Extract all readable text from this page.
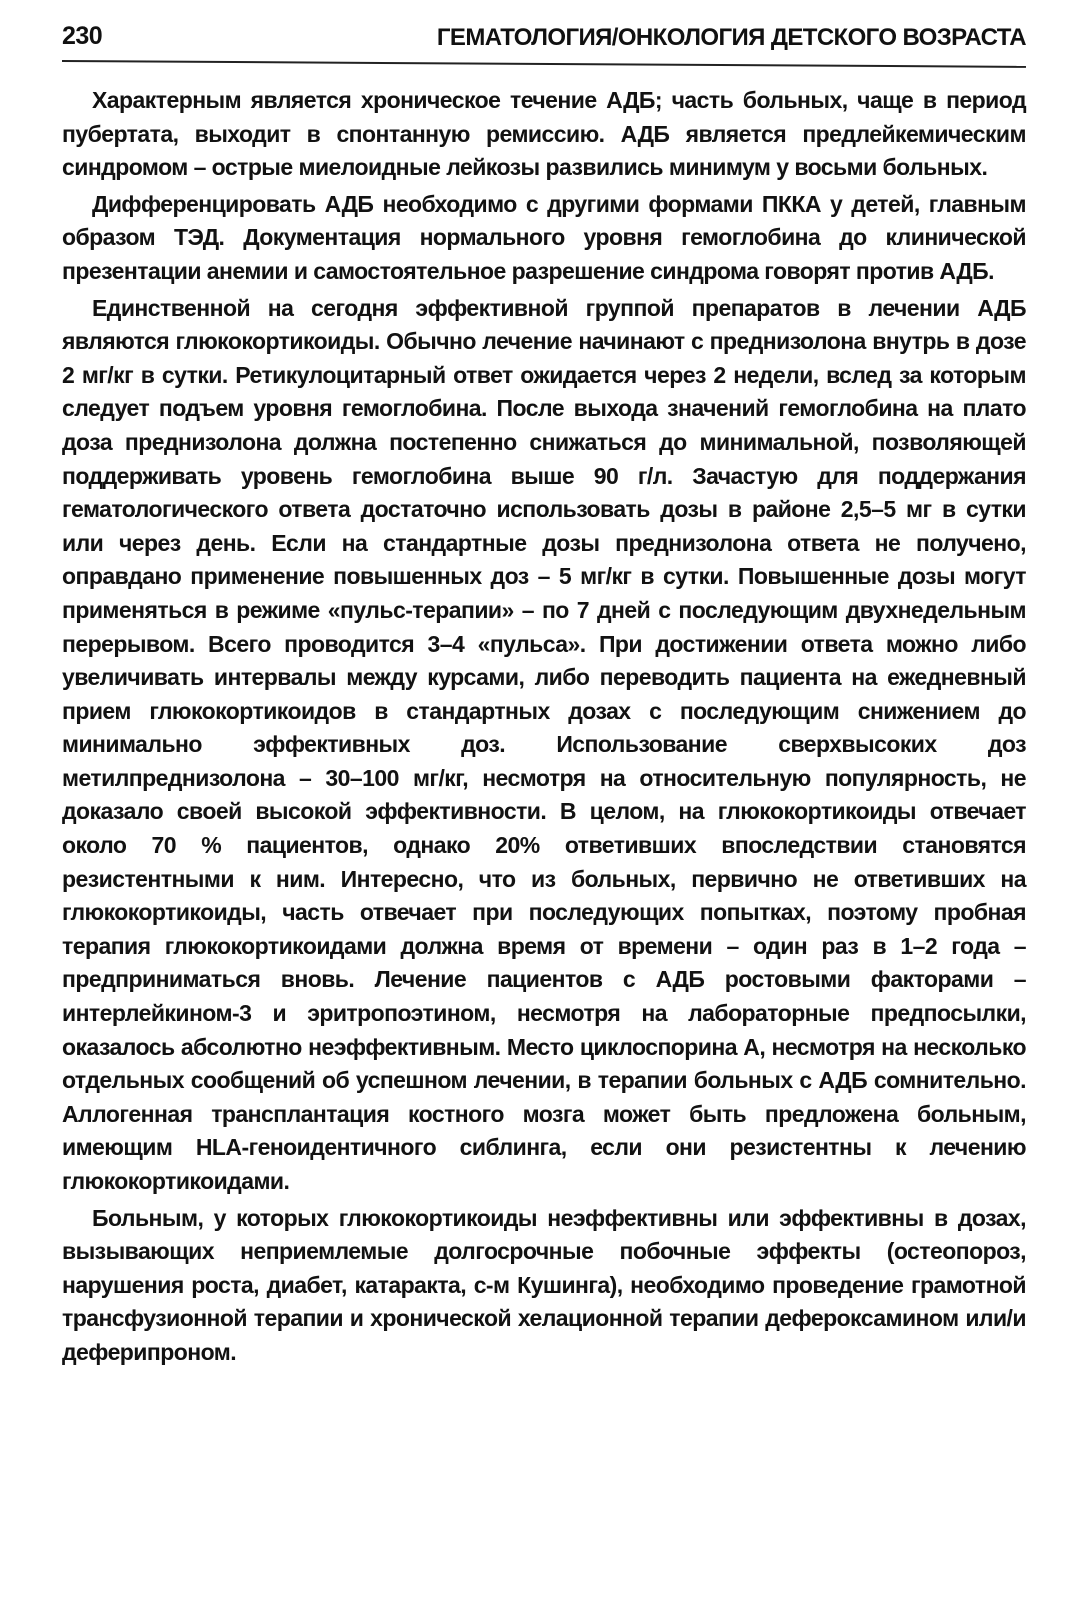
230	ГЕМАТОЛОГИЯ/ОНКОЛОГИЯ ДЕТСКОГО ВОЗРАСТА

Характерным является хроническое течение АДБ; часть больных, чаще в период пубертата, выходит в спонтанную ремиссию. АДБ является предлейкемическим синдромом – острые миелоидные лейкозы развились минимум у восьми больных.

Дифференцировать АДБ необходимо с другими формами ПККА у детей, главным образом ТЭД. Документация нормального уровня гемоглобина до клинической презентации анемии и самостоятельное разрешение синдрома говорят против АДБ.

Единственной на сегодня эффективной группой препаратов в лечении АДБ являются глюкокортикоиды. Обычно лечение начинают с преднизолона внутрь в дозе 2 мг/кг в сутки. Ретикулоцитарный ответ ожидается через 2 недели, вслед за которым следует подъем уровня гемоглобина. После выхода значений гемоглобина на плато доза преднизолона должна постепенно снижаться до минимальной, позволяющей поддерживать уровень гемоглобина выше 90 г/л. Зачастую для поддержания гематологического ответа достаточно использовать дозы в районе 2,5–5 мг в сутки или через день. Если на стандартные дозы преднизолона ответа не получено, оправдано применение повышенных доз – 5 мг/кг в сутки. Повышенные дозы могут применяться в режиме «пульс-терапии» – по 7 дней с последующим двухнедельным перерывом. Всего проводится 3–4 «пульса». При достижении ответа можно либо увеличивать интервалы между курсами, либо переводить пациента на ежедневный прием глюкокортикоидов в стандартных дозах с последующим снижением до минимально эффективных доз. Использование сверхвысоких доз метилпреднизолона – 30–100 мг/кг, несмотря на относительную популярность, не доказало своей высокой эффективности. В целом, на глюкокортикоиды отвечает около 70 % пациентов, однако 20% ответивших впоследствии становятся резистентными к ним. Интересно, что из больных, первично не ответивших на глюкокортикоиды, часть отвечает при последующих попытках, поэтому пробная терапия глюкокортикоидами должна время от времени – один раз в 1–2 года – предприниматься вновь. Лечение пациентов с АДБ ростовыми факторами – интерлейкином-3 и эритропоэтином, несмотря на лабораторные предпосылки, оказалось абсолютно неэффективным. Место циклоспорина А, несмотря на несколько отдельных сообщений об успешном лечении, в терапии больных с АДБ сомнительно. Аллогенная трансплантация костного мозга может быть предложена больным, имеющим HLA-геноидентичного сиблинга, если они резистентны к лечению глюкокортикоидами.

Больным, у которых глюкокортикоиды неэффективны или эффективны в дозах, вызывающих неприемлемые долгосрочные побочные эффекты (остеопороз, нарушения роста, диабет, катаракта, с-м Кушинга), необходимо проведение грамотной трансфузионной терапии и хронической хелационной терапии дефероксамином или/и деферипроном.
